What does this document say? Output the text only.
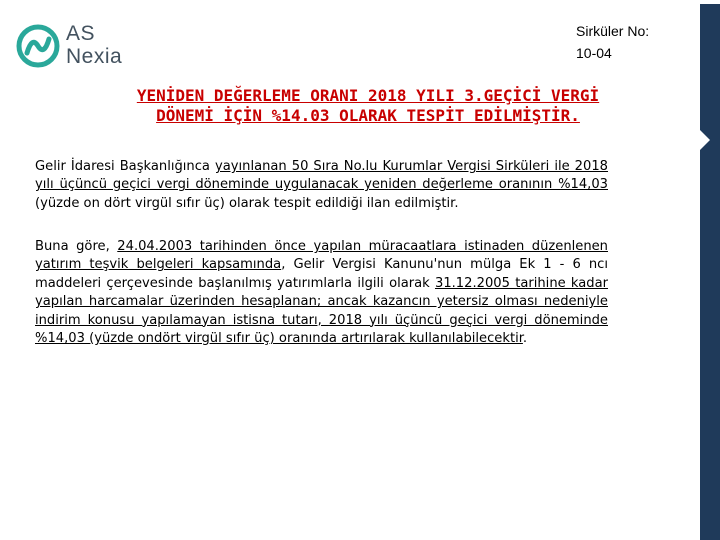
AS
Nexia
Sirküler No:
10-04
YENİDEN DEĞERLEME ORANI 2018 YILI 3.GEÇİCİ VERGİ
DÖNEMİ İÇİN %14.03 OLARAK TESPİT EDİLMİŞTİR.
Gelir İdaresi Başkanlığınca yayınlanan 50 Sıra No.lu Kurumlar Vergisi Sirküleri ile 2018 yılı üçüncü geçici vergi döneminde uygulanacak yeniden değerleme oranının %14,03 (yüzde on dört virgül sıfır üç) olarak tespit edildiği ilan edilmiştir.
Buna göre, 24.04.2003 tarihinden önce yapılan müracaatlara istinaden düzenlenen yatırım teşvik belgeleri kapsamında, Gelir Vergisi Kanunu'nun mülga Ek 1 - 6 ncı maddeleri çerçevesinde başlanılmış yatırımlarla ilgili olarak 31.12.2005 tarihine kadar yapılan harcamalar üzerinden hesaplanan; ancak kazancın yetersiz olması nedeniyle indirim konusu yapılamayan istisna tutarı, 2018 yılı üçüncü geçici vergi döneminde %14,03 (yüzde ondört virgül sıfır üç) oranında artırılarak kullanılabilecektir.
